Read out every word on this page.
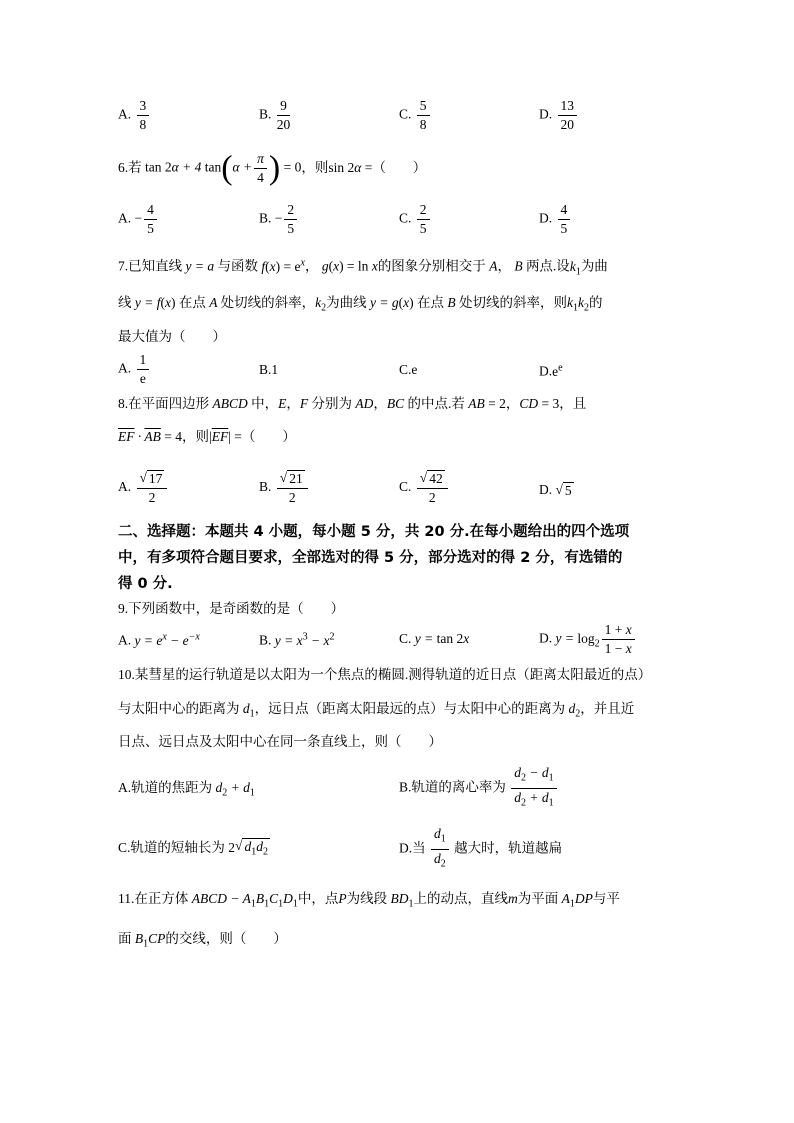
A. $\frac{3}{8}$	B. $\frac{9}{20}$	C. $\frac{5}{8}$	D. $\frac{13}{20}$
6.若 tan 2α + 4 $\tan(\alpha + \frac{\pi}{4}$ ) = 0 ，则 sin 2α = （　　）
A. − $\frac{4}{5}$	B. − $\frac{2}{5}$	C. $\frac{2}{5}$	D. $\frac{4}{5}$
7.已知直线 y = a 与函数 $f(x) = e^x$， g(x) = ln x的图象分别相交于 A， B 两点.设$k_1$为曲
线 y = f(x) 在点 A 处切线的斜率，$k_2$为曲线 y = g(x) 在点 B 处切线的斜率，则$k_1k_2$的
最大值为（　　）
A. $\frac{1}{e}$	B.1	C.e	$D.e^e$
8.在平面四边形 ABCD 中，E，F 分别为 AD，BC 的中点.若 AB = 2，CD = 3，且
$\overline{EF} \cdot \overline{AB} = 4$，则$|\overline{EF}|$ =（　　）
A. $\frac{√ 17}{2}$	B. $\frac{√ 21}{2}$	C. $\frac{√ 42}{2}$	D. √ 5
二、选择题：本题共 4 小题，每小题 5 分，共 20 分.在每小题给出的四个选项
中，有多项符合题目要求，全部选对的得 5 分，部分选对的得 2 分，有选错的
得 0 分.
9.下列函数中，是奇函数的是（　　）
A. $y = e^x - e^{-x}$	B. $y = x^3 - x^2$	C. y = tan 2x	D. $y = \log_2 \frac{1 + x}{1 - x}$
10.某彗星的运行轨道是以太阳为一个焦点的椭圆.测得轨道的近日点（距离太阳最近的点）
与太阳中心的距离为 $d_1$，远日点（距离太阳最远的点）与太阳中心的距离为 $d_2$，并且近
日点、远日点及太阳中心在同一条直线上，则（　　）
A.轨道的焦距为 $d_2 + d_1$	B.轨道的离心率为 $\frac{d_2 - d_1}{d_2 + d_1}$
C.轨道的短轴长为 2√ $d_1d_2$	D.当 $\frac{d_1}{d_2}$ 越大时，轨道越扁
11.在正方体 ABCD − $A_1B_1C_1D_1$中，点P为线段 $BD_1$上的动点，直线m为平面 $A_1DP$与平
面 $B_1CP$的交线，则（　　）
